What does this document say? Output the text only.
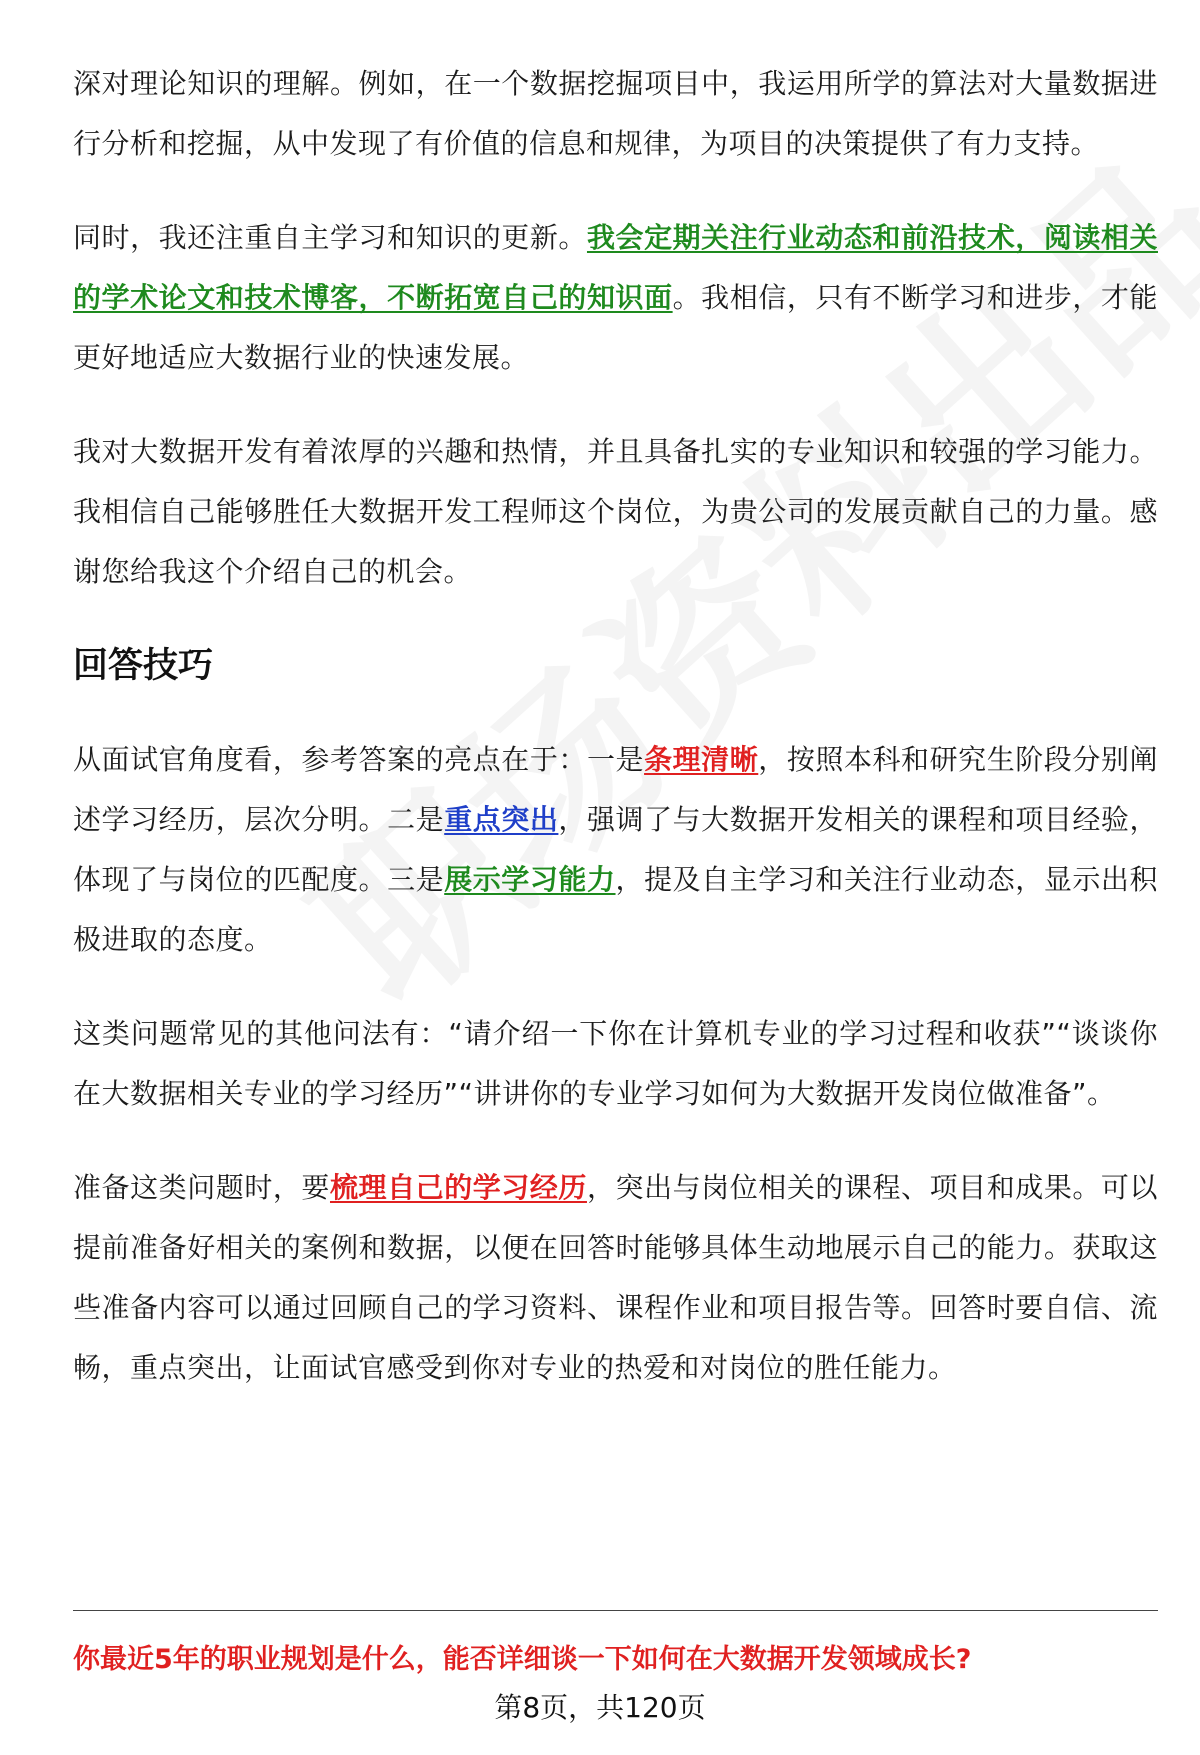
深对理论知识的理解。例如，在一个数据挖掘项目中，我运用所学的算法对大量数据进行分析和挖掘，从中发现了有价值的信息和规律，为项目的决策提供了有力支持。

同时，我还注重自主学习和知识的更新。我会定期关注行业动态和前沿技术，阅读相关的学术论文和技术博客，不断拓宽自己的知识面。我相信，只有不断学习和进步，才能更好地适应大数据行业的快速发展。

我对大数据开发有着浓厚的兴趣和热情，并且具备扎实的专业知识和较强的学习能力。我相信自己能够胜任大数据开发工程师这个岗位，为贵公司的发展贡献自己的力量。感谢您给我这个介绍自己的机会。

回答技巧

从面试官角度看，参考答案的亮点在于：一是条理清晰，按照本科和研究生阶段分别阐述学习经历，层次分明。二是重点突出，强调了与大数据开发相关的课程和项目经验，体现了与岗位的匹配度。三是展示学习能力，提及自主学习和关注行业动态，显示出积极进取的态度。

这类问题常见的其他问法有：“请介绍一下你在计算机专业的学习过程和收获”“谈谈你在大数据相关专业的学习经历”“讲讲你的专业学习如何为大数据开发岗位做准备”。

准备这类问题时，要梳理自己的学习经历，突出与岗位相关的课程、项目和成果。可以提前准备好相关的案例和数据，以便在回答时能够具体生动地展示自己的能力。获取这些准备内容可以通过回顾自己的学习资料、课程作业和项目报告等。回答时要自信、流畅，重点突出，让面试官感受到你对专业的热爱和对岗位的胜任能力。

你最近5年的职业规划是什么，能否详细谈一下如何在大数据开发领域成长?
第8页，共120页
